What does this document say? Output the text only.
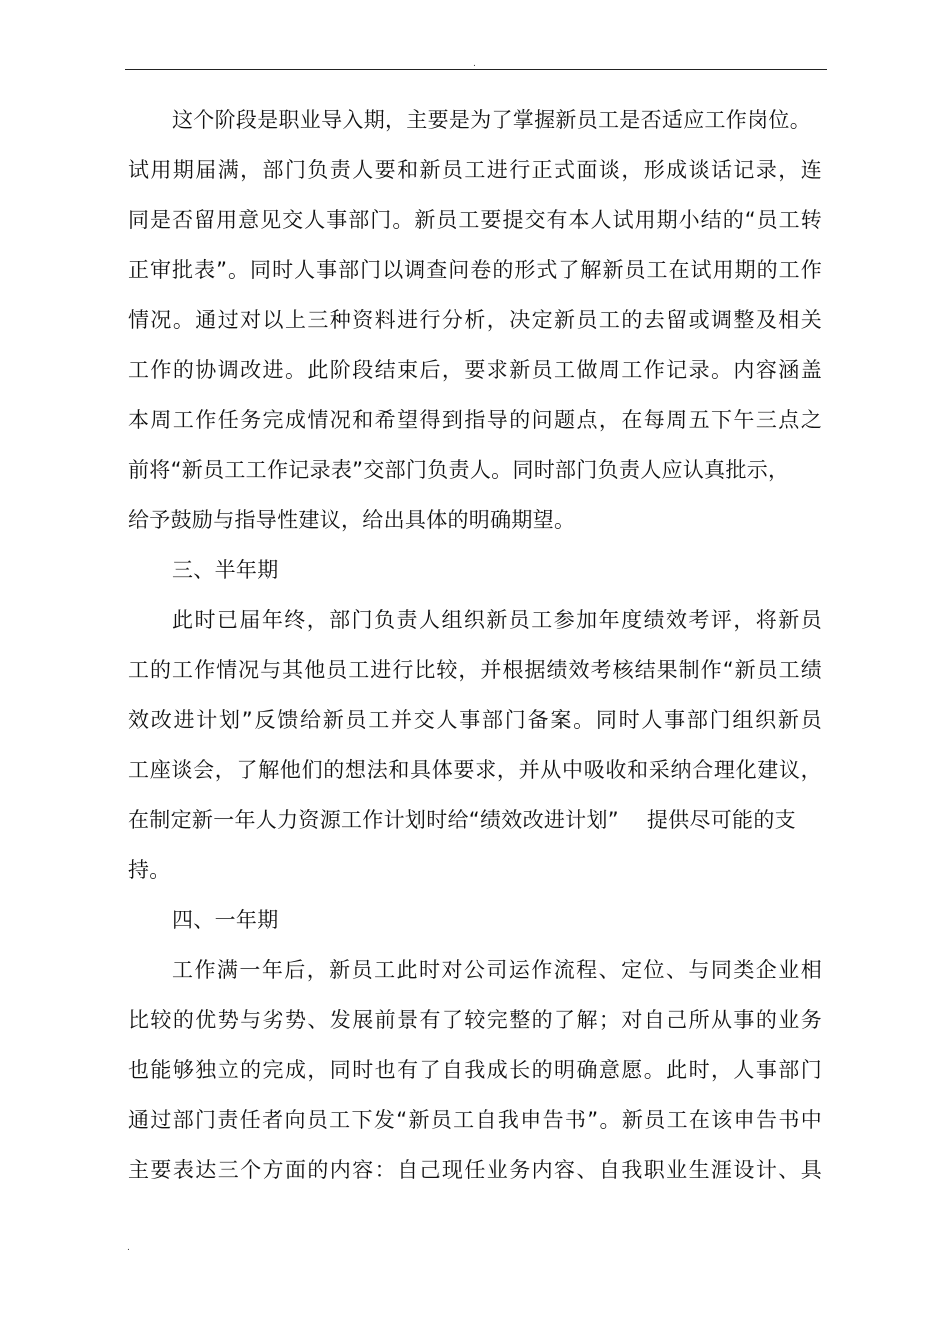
.
这个阶段是职业导入期，主要是为了掌握新员工是否适应工作岗位。
试用期届满，部门负责人要和新员工进行正式面谈，形成谈话记录，连
同是否留用意见交人事部门。新员工要提交有本人试用期小结的“员工转
正审批表”。同时人事部门以调查问卷的形式了解新员工在试用期的工作
情况。通过对以上三种资料进行分析，决定新员工的去留或调整及相关
工作的协调改进。此阶段结束后，要求新员工做周工作记录。内容涵盖
本周工作任务完成情况和希望得到指导的问题点，在每周五下午三点之
前将“新员工工作记录表”交部门负责人。同时部门负责人应认真批示，
给予鼓励与指导性建议，给出具体的明确期望。
三、半年期
此时已届年终，部门负责人组织新员工参加年度绩效考评，将新员
工的工作情况与其他员工进行比较，并根据绩效考核结果制作“新员工绩
效改进计划”反馈给新员工并交人事部门备案。同时人事部门组织新员
工座谈会，了解他们的想法和具体要求，并从中吸收和采纳合理化建议，
在制定新一年人力资源工作计划时给“绩效改进计划”    提供尽可能的支
持。
四、一年期
工作满一年后，新员工此时对公司运作流程、定位、与同类企业相
比较的优势与劣势、发展前景有了较完整的了解；对自己所从事的业务
也能够独立的完成，同时也有了自我成长的明确意愿。此时，人事部门
通过部门责任者向员工下发“新员工自我申告书”。新员工在该申告书中
主要表达三个方面的内容：自己现任业务内容、自我职业生涯设计、具
.
